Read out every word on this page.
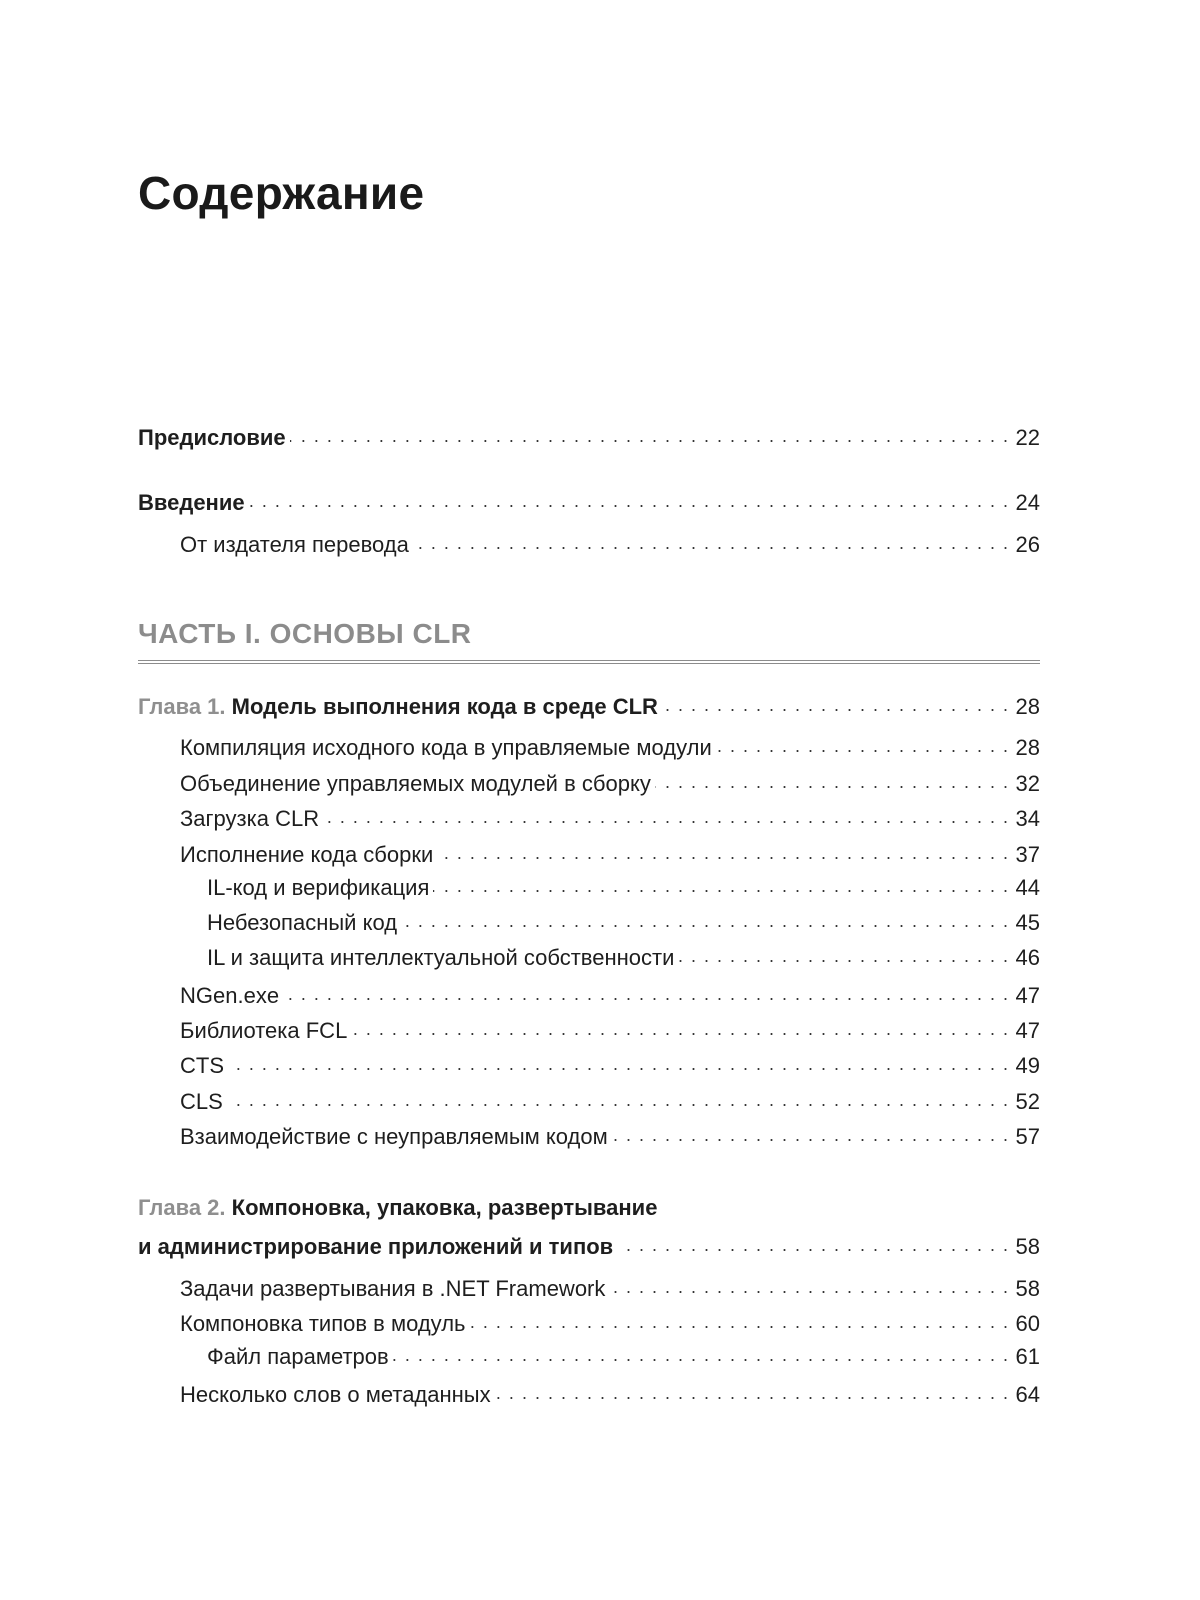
Содержание
Предисловие . . .	22
Введение . . .	24
От издателя перевода . . .	26
ЧАСТЬ I. ОСНОВЫ CLR
Глава 1. Модель выполнения кода в среде CLR . . .	28
Компиляция исходного кода в управляемые модули . . .	28
Объединение управляемых модулей в сборку . . .	32
Загрузка CLR . . .	34
Исполнение кода сборки . . .	37
IL-код и верификация . . .	44
Небезопасный код . . .	45
IL и защита интеллектуальной собственности . . .	46
NGen.exe . . .	47
Библиотека FCL . . .	47
CTS . . .	49
CLS . . .	52
Взаимодействие с неуправляемым кодом . . .	57
Глава 2. Компоновка, упаковка, развертывание
и администрирование приложений и типов . . .	58
Задачи развертывания в .NET Framework . . .	58
Компоновка типов в модуль . . .	60
Файл параметров . . .	61
Несколько слов о метаданных . . .	64
